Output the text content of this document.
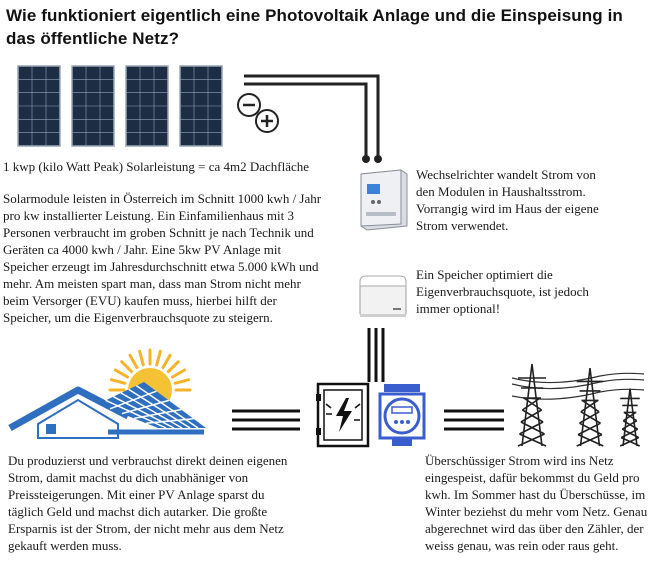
Wie funktioniert eigentlich eine Photovoltaik Anlage und die Einspeisung in das öffentliche Netz?
1 kwp (kilo Watt Peak) Solarleistung = ca 4m2 Dachfläche
Solarmodule leisten in Österreich im Schnitt 1000 kwh / Jahr pro kw installierter Leistung. Ein Einfamilienhaus mit 3 Personen verbraucht im groben Schnitt je nach Technik und Geräten ca 4000 kwh / Jahr. Eine 5kw PV Anlage mit Speicher erzeugt im Jahresdurchschnitt etwa 5.000 kWh und mehr. Am meisten spart man, dass man Strom nicht mehr beim Versorger (EVU) kaufen muss, hierbei hilft der Speicher, um die Eigenverbrauchsquote zu steigern.
Wechselrichter wandelt Strom von den Modulen in Haushaltsstrom. Vorrangig wird im Haus der eigene Strom verwendet.
Ein Speicher optimiert die Eigenverbrauchsquote, ist jedoch immer optional!
Du produzierst und verbrauchst direkt deinen eigenen Strom, damit machst du dich unabhäniger von Preissteigerungen. Mit einer PV Anlage sparst du täglich Geld und machst dich autarker. Die großte Ersparnis ist der Strom, der nicht mehr aus dem Netz gekauft werden muss.
Überschüssiger Strom wird ins Netz eingespeist, dafür bekommst du Geld pro kwh. Im Sommer hast du Überschüsse, im Winter beziehst du mehr vom Netz. Genau abgerechnet wird das über den Zähler, der weiss genau, was rein oder raus geht.
